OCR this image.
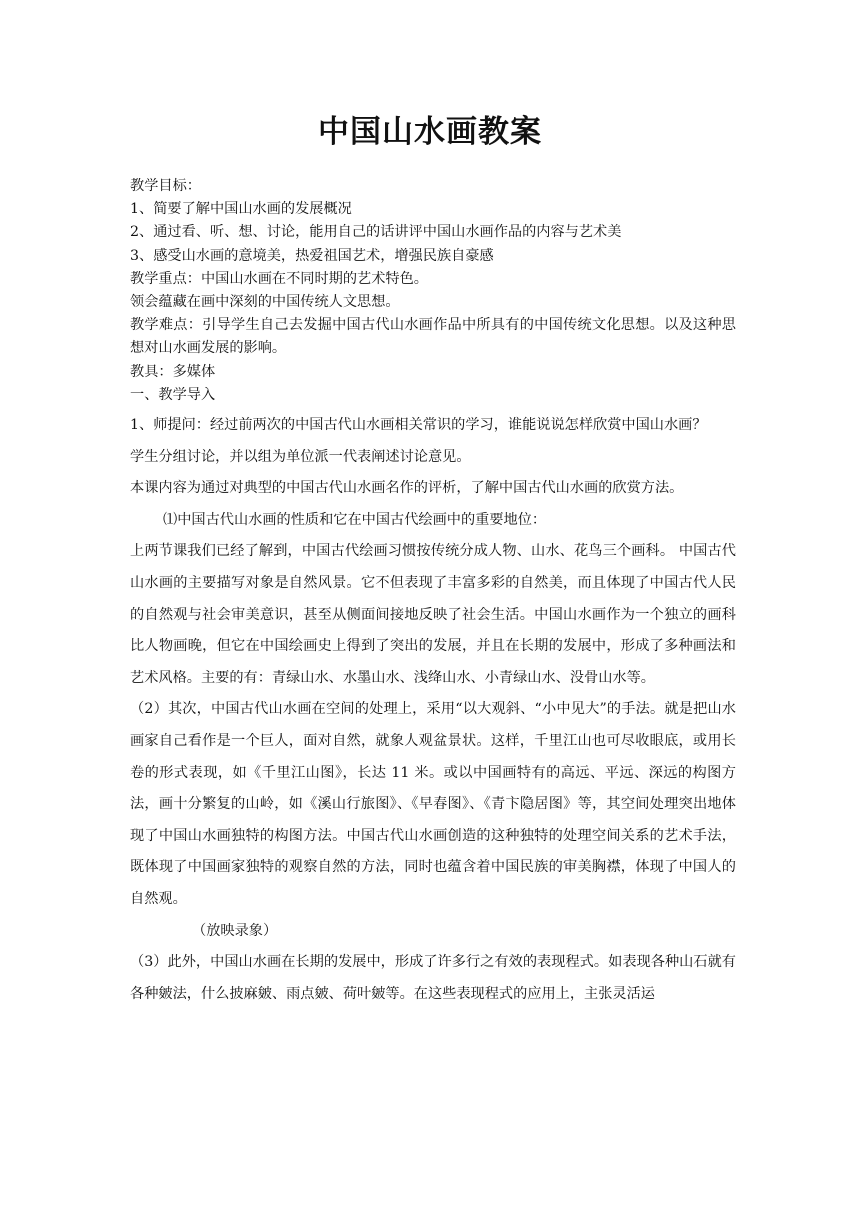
中国山水画教案

教学目标：

1、简要了解中国山水画的发展概况

2、通过看、听、想、讨论，能用自己的话讲评中国山水画作品的内容与艺术美

3、感受山水画的意境美，热爱祖国艺术，增强民族自豪感

教学重点：中国山水画在不同时期的艺术特色。

领会蕴藏在画中深刻的中国传统人文思想。

教学难点：引导学生自己去发掘中国古代山水画作品中所具有的中国传统文化思想。以及这种思想对山水画发展的影响。

教具：多媒体

一、教学导入

1、师提问：经过前两次的中国古代山水画相关常识的学习，谁能说说怎样欣赏中国山水画？

学生分组讨论，并以组为单位派一代表阐述讨论意见。

本课内容为通过对典型的中国古代山水画名作的评析，了解中国古代山水画的欣赏方法。

⑴中国古代山水画的性质和它在中国古代绘画中的重要地位：

上两节课我们已经了解到，中国古代绘画习惯按传统分成人物、山水、花鸟三个画科。 中国古代山水画的主要描写对象是自然风景。它不但表现了丰富多彩的自然美，而且体现了中国古代人民的自然观与社会审美意识，甚至从侧面间接地反映了社会生活。中国山水画作为一个独立的画科比人物画晚，但它在中国绘画史上得到了突出的发展，并且在长期的发展中，形成了多种画法和艺术风格。主要的有：青绿山水、水墨山水、浅绛山水、小青绿山水、没骨山水等。

（2）其次，中国古代山水画在空间的处理上，采用“以大观斜、“小中见大”的手法。就是把山水画家自己看作是一个巨人，面对自然，就象人观盆景状。这样，千里江山也可尽收眼底，或用长卷的形式表现，如《千里江山图》，长达 11 米。或以中国画特有的高远、平远、深远的构图方法，画十分繁复的山岭，如《溪山行旅图》、《早春图》、《青卞隐居图》等，其空间处理突出地体现了中国山水画独特的构图方法。中国古代山水画创造的这种独特的处理空间关系的艺术手法，既体现了中国画家独特的观察自然的方法，同时也蕴含着中国民族的审美胸襟，体现了中国人的自然观。

（放映录象）

（3）此外，中国山水画在长期的发展中，形成了许多行之有效的表现程式。如表现各种山石就有各种皴法，什么披麻皴、雨点皴、荷叶皴等。在这些表现程式的应用上，主张灵活运
